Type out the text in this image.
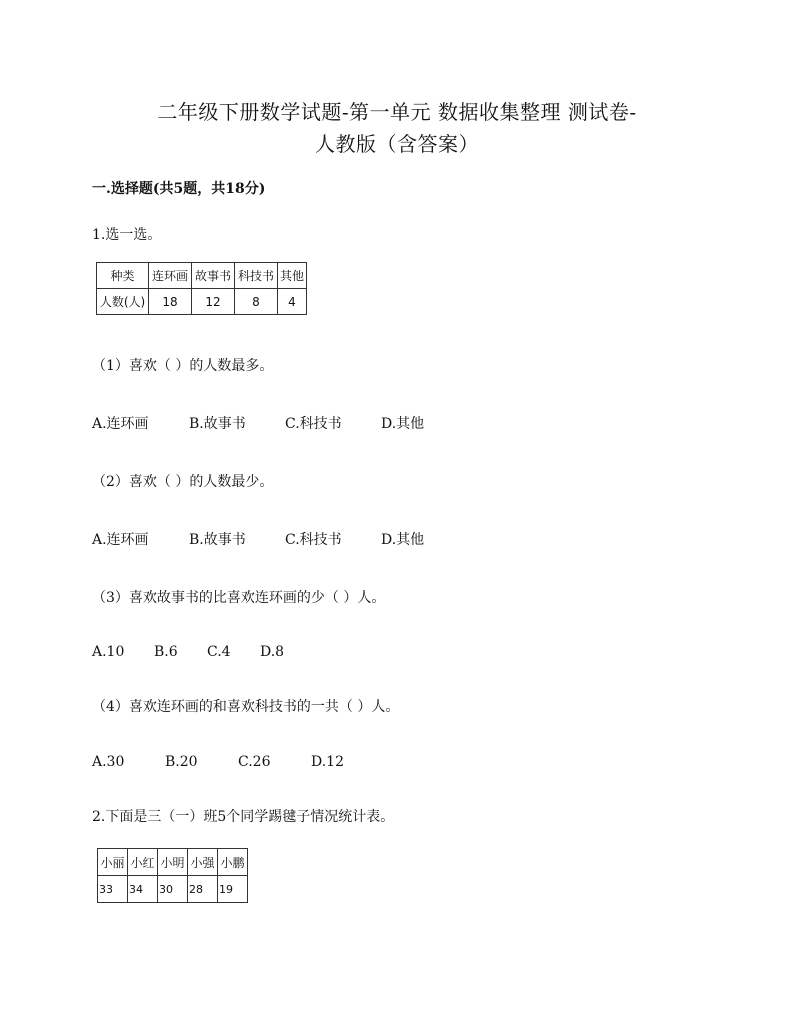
二年级下册数学试题-第一单元 数据收集整理 测试卷-
人教版（含答案）
一.选择题(共5题，共18分)
1.选一选。
种类	连环画	故事书	科技书	其他
人数(人)	18	12	8	4
（1）喜欢（ ）的人数最多。
A.连环画	B.故事书	C.科技书	D.其他
（2）喜欢（ ）的人数最少。
A.连环画	B.故事书	C.科技书	D.其他
（3）喜欢故事书的比喜欢连环画的少（ ）人。
A.10	B.6	C.4	D.8
（4）喜欢连环画的和喜欢科技书的一共（ ）人。
A.30	B.20	C.26	D.12
2.下面是三（一）班5个同学踢毽子情况统计表。
小丽	小红	小明	小强	小鹏
33	34	30	28	19
